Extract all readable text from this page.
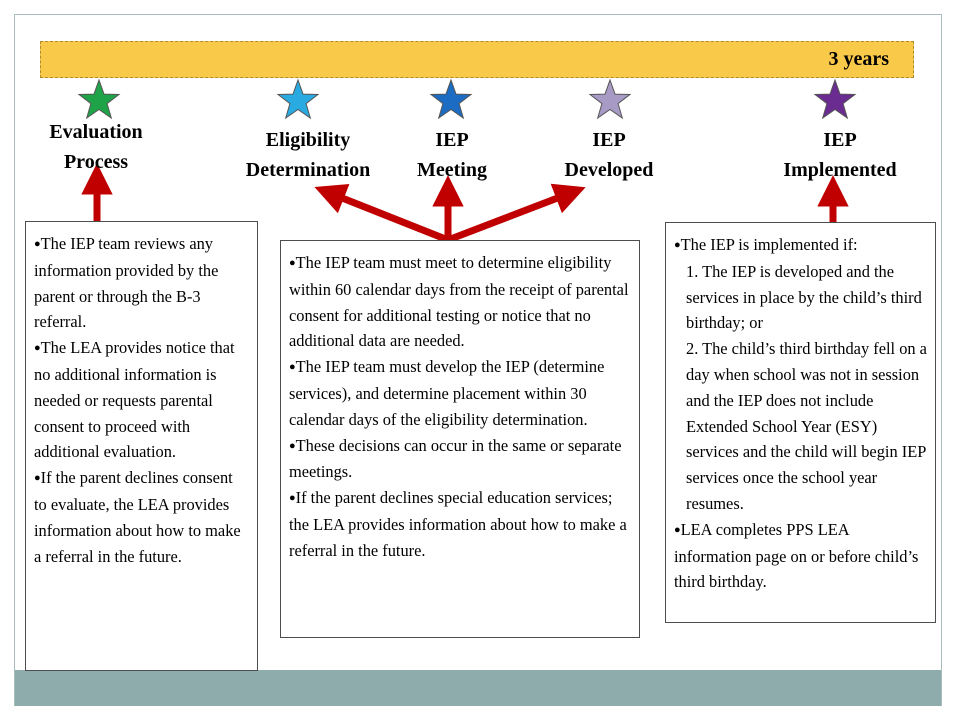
3 years
Evaluation
Process
Eligibility
Determination
IEP
Meeting
IEP
Developed
IEP
Implemented

● The IEP team reviews any information provided by the parent or through the B-3 referral.

● The LEA provides notice that no additional information is needed or requests parental consent to proceed with additional evaluation.

● If the parent declines consent to evaluate, the LEA provides information about how to make a referral in the future.

● The IEP team must meet to determine eligibility within 60 calendar days from the receipt of parental consent for additional testing or notice that no additional data are needed.

● The IEP team must develop the IEP (determine services), and determine placement within 30 calendar days of the eligibility determination.

● These decisions can occur in the same or separate meetings.

● If the parent declines special education services; the LEA provides information about how to make a referral in the future.

● The IEP is implemented if:

1. The IEP is developed and the services in place by the child’s third birthday; or

2. The child’s third birthday fell on a day when school was not in session and the IEP does not include Extended School Year (ESY) services and the child will begin IEP services once the school year resumes.

● LEA completes PPS LEA information page on or before child’s third birthday.
